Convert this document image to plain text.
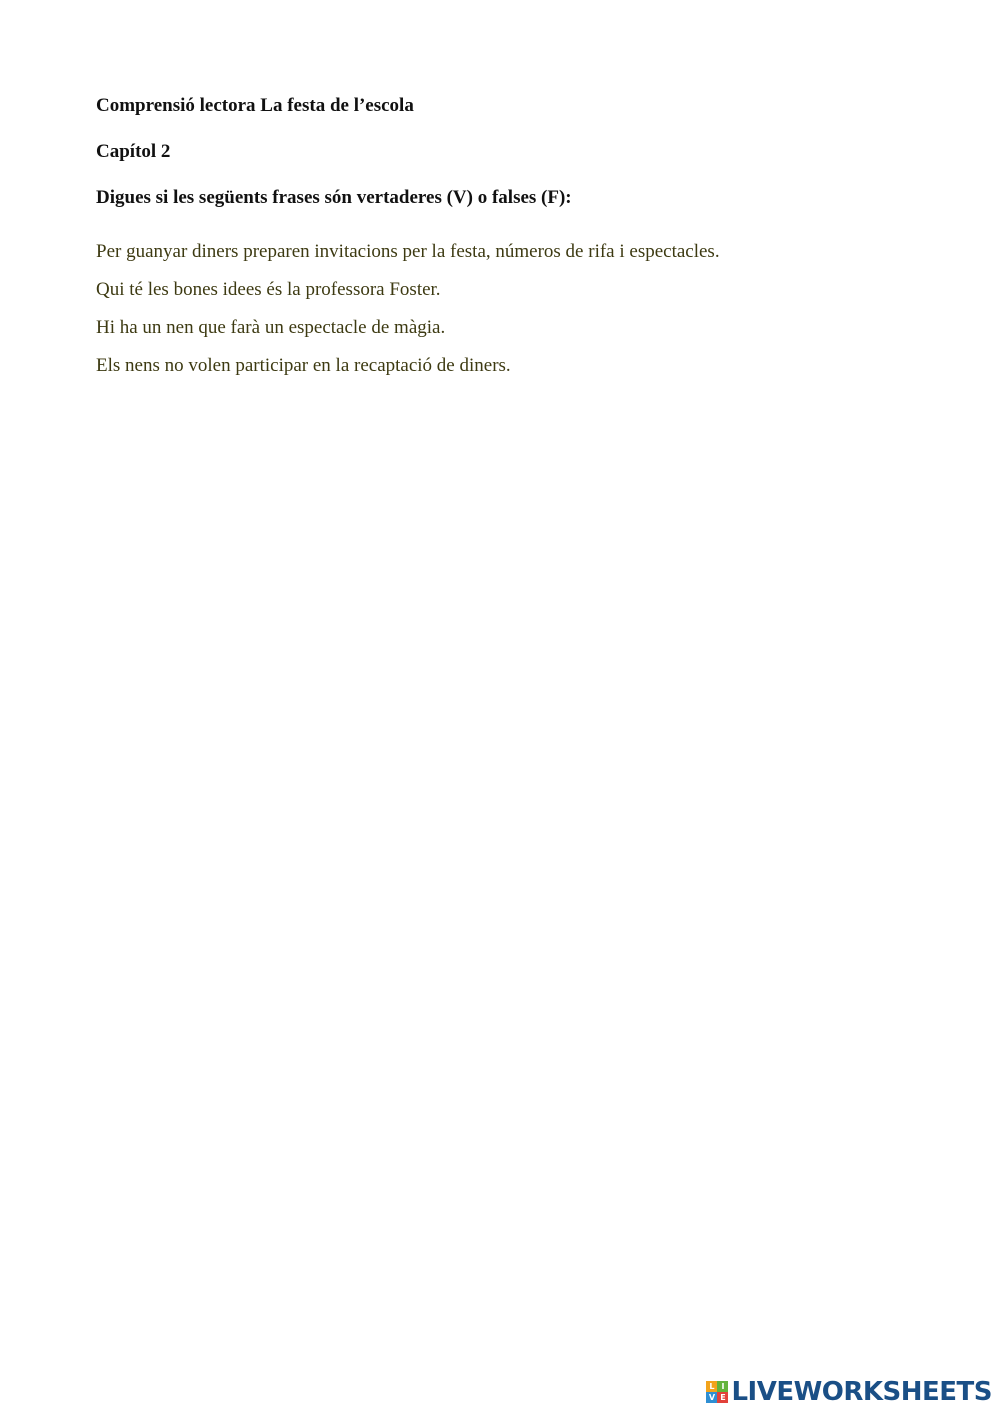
Comprensió lectora La festa de l’escola
Capítol 2
Digues si les següents frases són vertaderes (V) o falses (F):
Per guanyar diners preparen invitacions per la festa, números de rifa i espectacles.
Qui té les bones idees és la professora Foster.
Hi ha un nen que farà un espectacle de màgia.
Els nens no volen participar en la recaptació de diners.
L I
V E LIVEWORKSHEETS
